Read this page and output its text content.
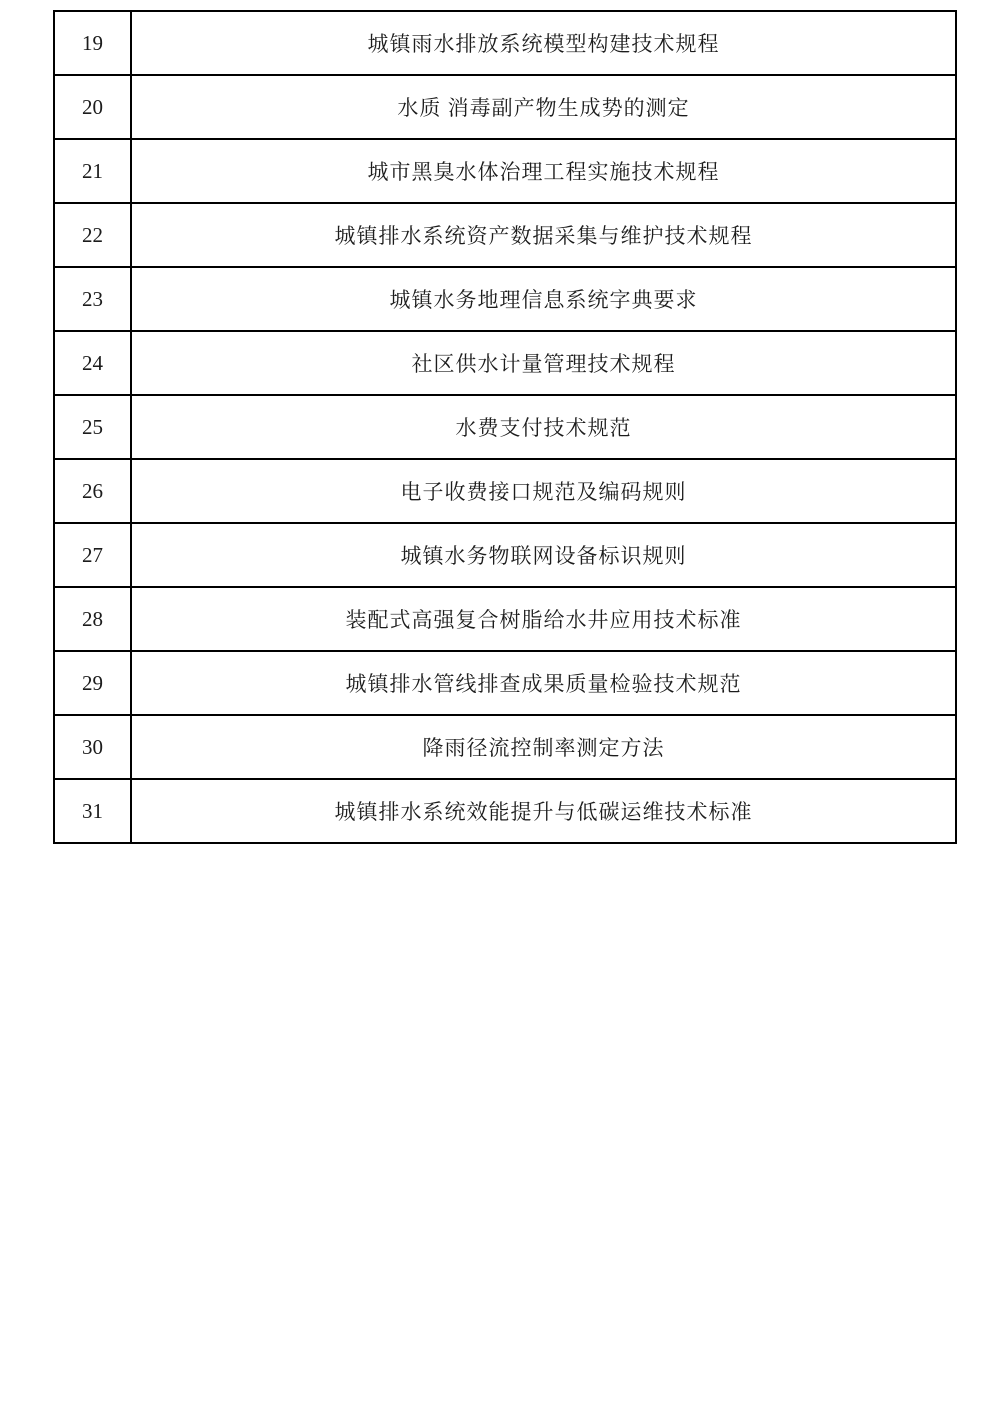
19	城镇雨水排放系统模型构建技术规程
20	水质 消毒副产物生成势的测定
21	城市黑臭水体治理工程实施技术规程
22	城镇排水系统资产数据采集与维护技术规程
23	城镇水务地理信息系统字典要求
24	社区供水计量管理技术规程
25	水费支付技术规范
26	电子收费接口规范及编码规则
27	城镇水务物联网设备标识规则
28	装配式高强复合树脂给水井应用技术标准
29	城镇排水管线排查成果质量检验技术规范
30	降雨径流控制率测定方法
31	城镇排水系统效能提升与低碳运维技术标准
